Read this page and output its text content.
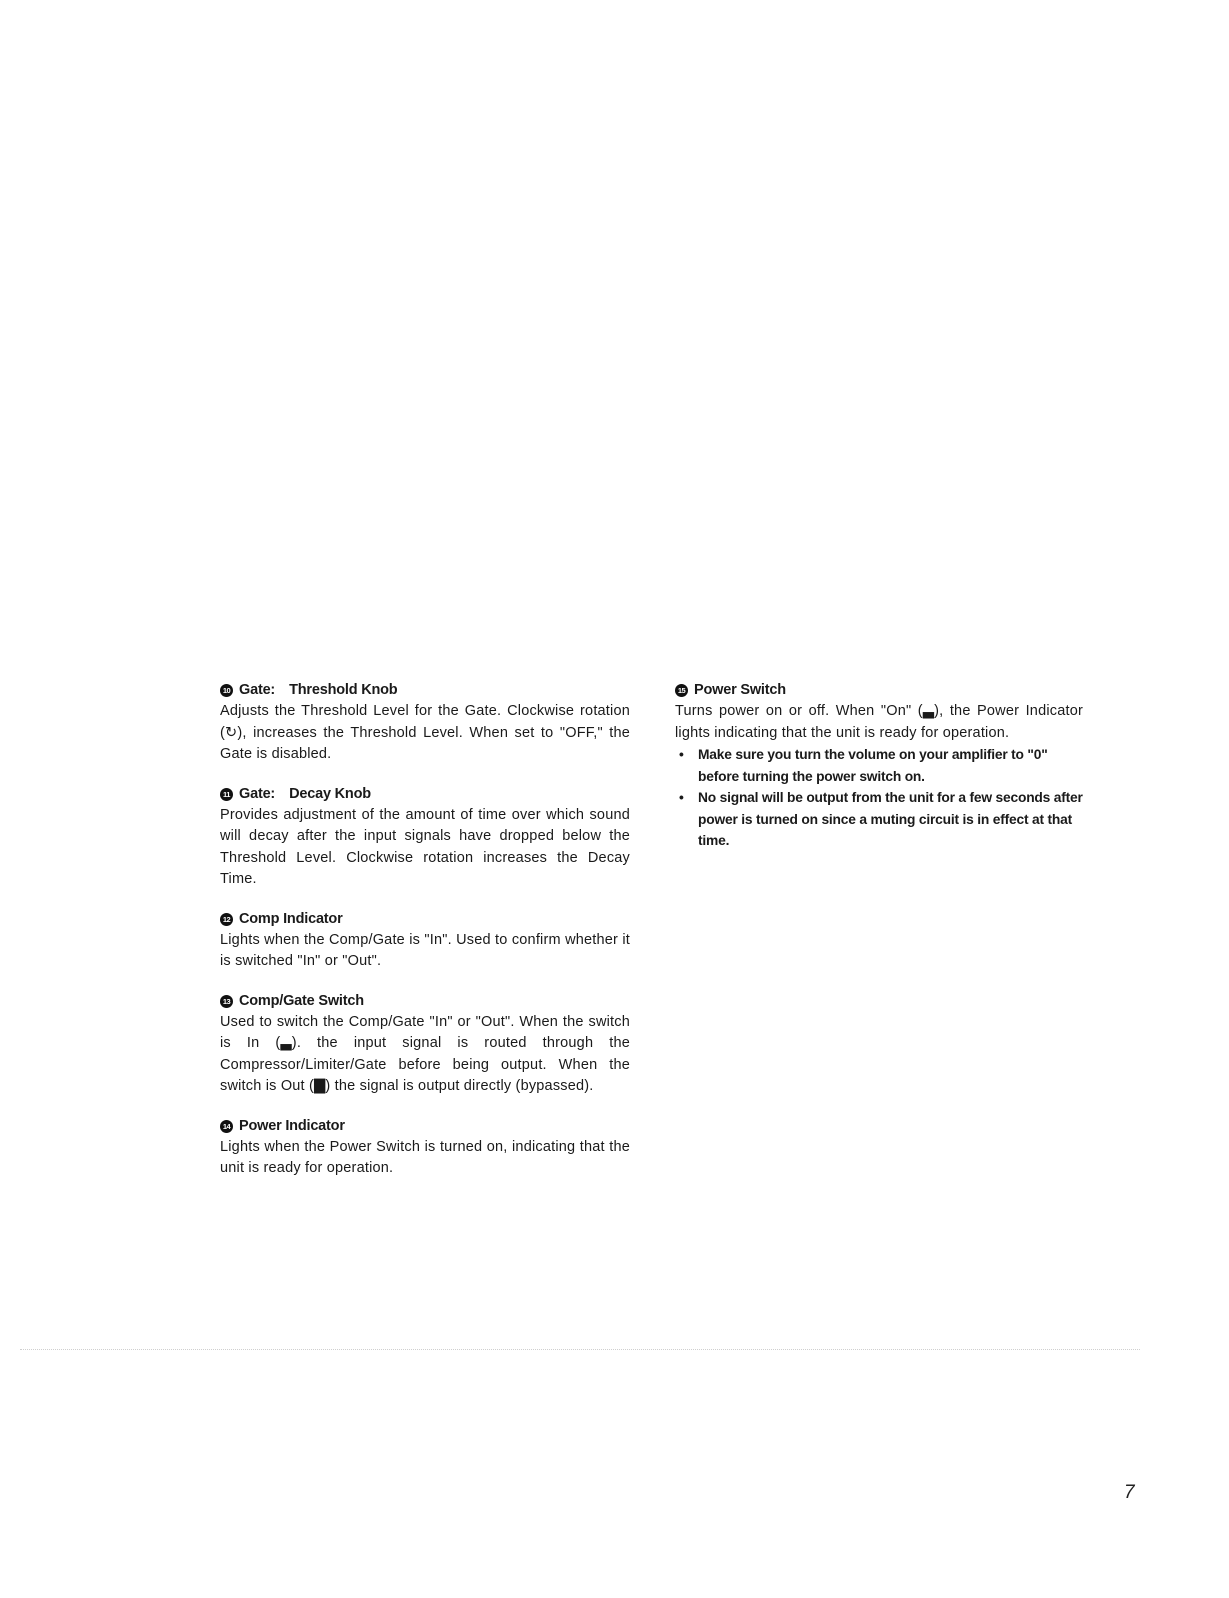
10 Gate: Threshold Knob
Adjusts the Threshold Level for the Gate. Clockwise rotation (↻), increases the Threshold Level. When set to "OFF," the Gate is disabled.
11 Gate: Decay Knob
Provides adjustment of the amount of time over which sound will decay after the input signals have dropped below the Threshold Level. Clockwise rotation increases the Decay Time.
12 Comp Indicator
Lights when the Comp/Gate is "In". Used to confirm whether it is switched "In" or "Out".
13 Comp/Gate Switch
Used to switch the Comp/Gate "In" or "Out". When the switch is In (▃). the input signal is routed through the Compressor/Limiter/Gate before being output. When the switch is Out (▇) the signal is output directly (bypassed).
14 Power Indicator
Lights when the Power Switch is turned on, indicating that the unit is ready for operation.
15 Power Switch
Turns power on or off. When "On" (▃), the Power Indicator lights indicating that the unit is ready for operation.
• Make sure you turn the volume on your amplifier to "0" before turning the power switch on.
• No signal will be output from the unit for a few seconds after power is turned on since a muting circuit is in effect at that time.
7
